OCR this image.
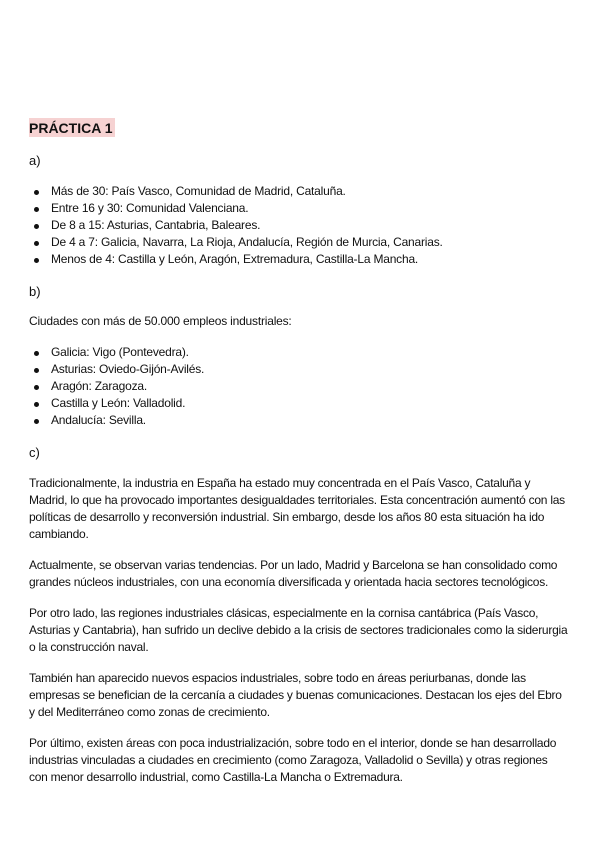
PRÁCTICA 1
a)
Más de 30: País Vasco, Comunidad de Madrid, Cataluña.
Entre 16 y 30: Comunidad Valenciana.
De 8 a 15: Asturias, Cantabria, Baleares.
De 4 a 7: Galicia, Navarra, La Rioja, Andalucía, Región de Murcia, Canarias.
Menos de 4: Castilla y León, Aragón, Extremadura, Castilla-La Mancha.
b)

Ciudades con más de 50.000 empleos industriales:

Galicia: Vigo (Pontevedra).
Asturias: Oviedo-Gijón-Avilés.
Aragón: Zaragoza.
Castilla y León: Valladolid.
Andalucía: Sevilla.
c)

Tradicionalmente, la industria en España ha estado muy concentrada en el País Vasco, Cataluña y Madrid, lo que ha provocado importantes desigualdades territoriales. Esta concentración aumentó con las políticas de desarrollo y reconversión industrial. Sin embargo, desde los años 80 esta situación ha ido cambiando.

Actualmente, se observan varias tendencias. Por un lado, Madrid y Barcelona se han consolidado como grandes núcleos industriales, con una economía diversificada y orientada hacia sectores tecnológicos.

Por otro lado, las regiones industriales clásicas, especialmente en la cornisa cantábrica (País Vasco, Asturias y Cantabria), han sufrido un declive debido a la crisis de sectores tradicionales como la siderurgia o la construcción naval.

También han aparecido nuevos espacios industriales, sobre todo en áreas periurbanas, donde las empresas se benefician de la cercanía a ciudades y buenas comunicaciones. Destacan los ejes del Ebro y del Mediterráneo como zonas de crecimiento.

Por último, existen áreas con poca industrialización, sobre todo en el interior, donde se han desarrollado industrias vinculadas a ciudades en crecimiento (como Zaragoza, Valladolid o Sevilla) y otras regiones con menor desarrollo industrial, como Castilla-La Mancha o Extremadura.
